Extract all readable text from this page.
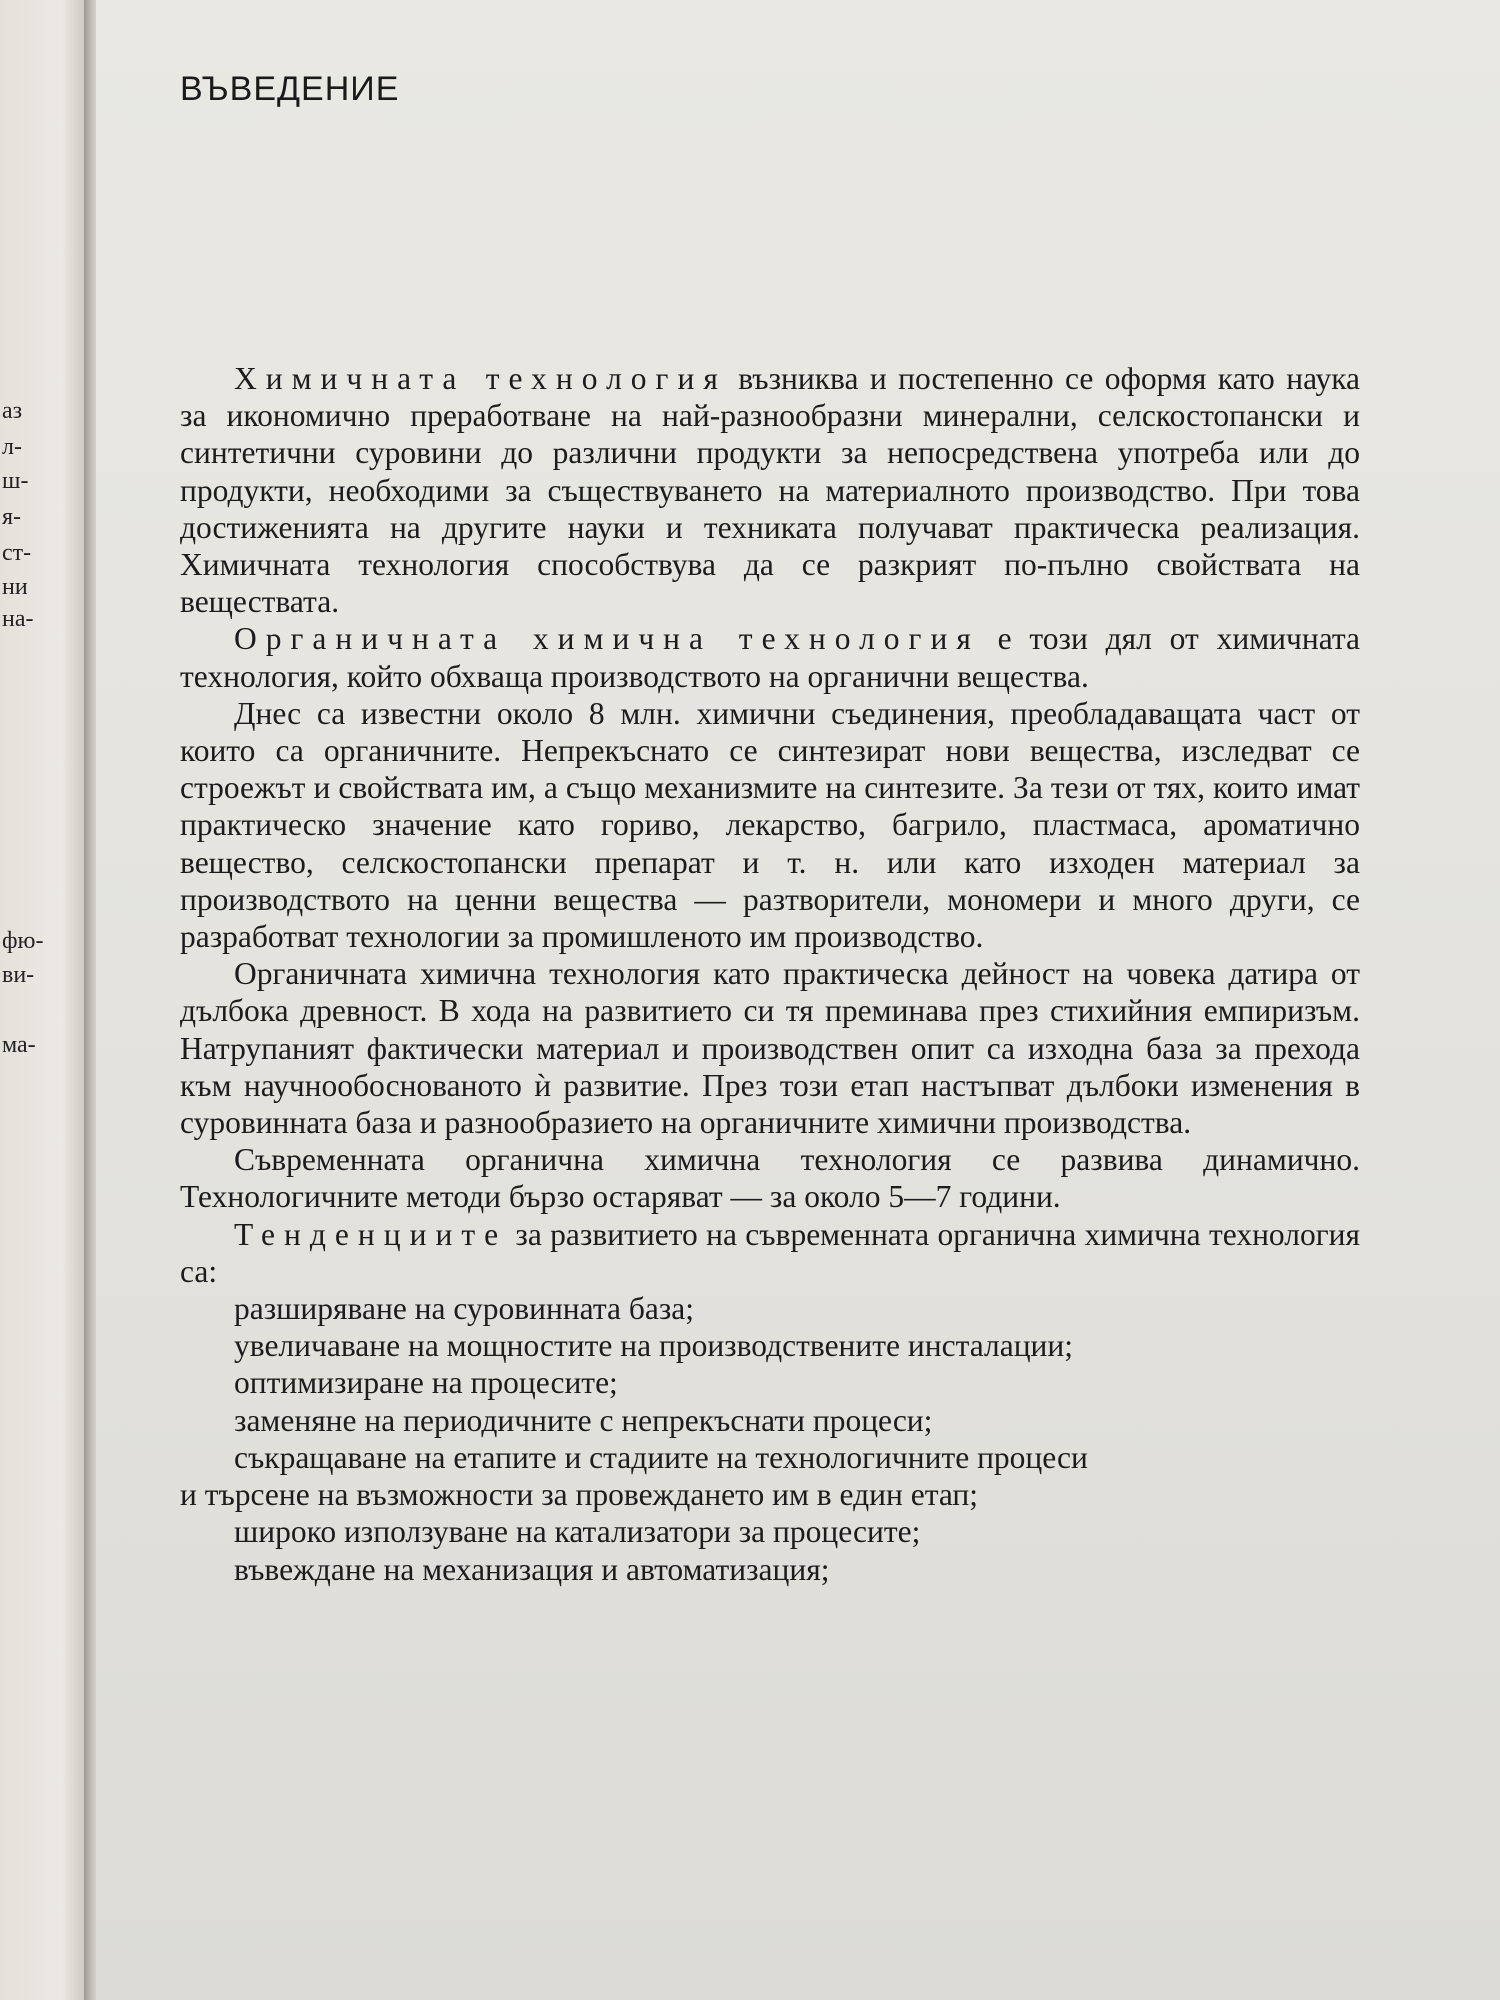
аз
л-
ш-
я-
ст-
ни
на-
фю-
ви-
ма-
ВЪВЕДЕНИЕ

Химичната технология възниква и постепенно се оформя като наука за икономично преработване на най-разнообразни минерални, селскостопански и синтетични суровини до различни продукти за непосредствена употреба или до продукти, необходими за съществуването на материалното производство. При това достиженията на другите науки и техниката получават практическа реализация. Химичната технология способствува да се разкрият по-пълно свойствата на веществата.

Органичната химична технология е този дял от химичната технология, който обхваща производството на органични вещества.

Днес са известни около 8 млн. химични съединения, преобладаващата част от които са органичните. Непрекъснато се синтезират нови вещества, изследват се строежът и свойствата им, а също механизмите на синтезите. За тези от тях, които имат практическо значение като гориво, лекарство, багрило, пластмаса, ароматично вещество, селскостопански препарат и т. н. или като изходен материал за производството на ценни вещества — разтворители, мономери и много други, се разработват технологии за промишленото им производство.

Органичната химична технология като практическа дейност на човека датира от дълбока древност. В хода на развитието си тя преминава през стихийния емпиризъм. Натрупаният фактически материал и производствен опит са изходна база за прехода към научнообоснованото ѝ развитие. През този етап настъпват дълбоки изменения в суровинната база и разнообразието на органичните химични производства.

Съвременната органична химична технология се развива динамично. Технологичните методи бързо остаряват — за около 5—7 години.

Тенденциите за развитието на съвременната органична химична технология са:

разширяване на суровинната база;

увеличаване на мощностите на производствените инсталации;

оптимизиране на процесите;

заменяне на периодичните с непрекъснати процеси;

съкращаване на етапите и стадиите на технологичните процеси

и търсене на възможности за провеждането им в един етап;

широко използуване на катализатори за процесите;

въвеждане на механизация и автоматизация;
